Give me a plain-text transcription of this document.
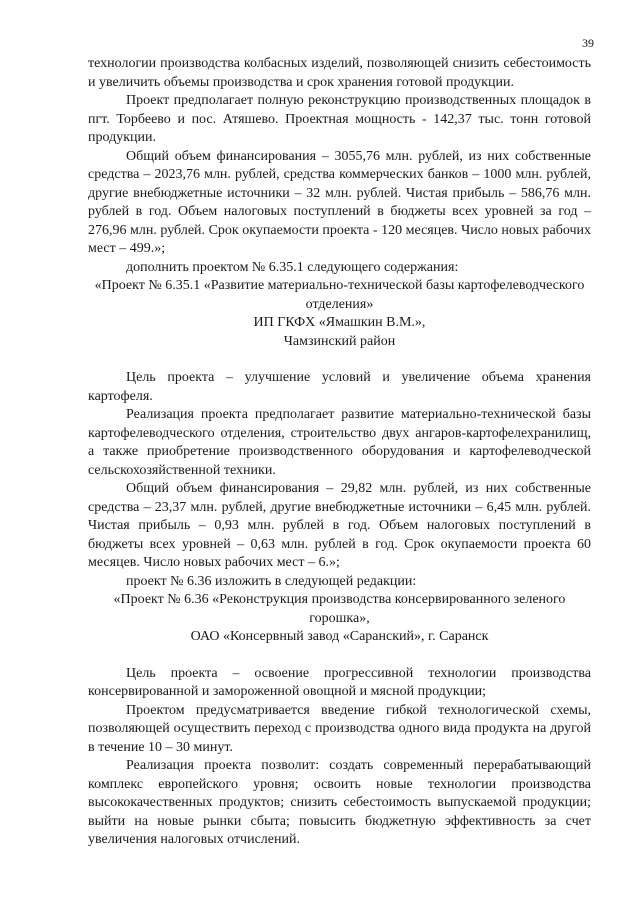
39

технологии производства колбасных изделий, позволяющей снизить себестоимость и увеличить объемы производства и срок хранения готовой продукции.

Проект предполагает полную реконструкцию производственных площадок в пгт. Торбеево и пос. Атяшево. Проектная мощность - 142,37 тыс. тонн готовой продукции.

Общий объем финансирования – 3055,76 млн. рублей, из них собственные средства – 2023,76 млн. рублей, средства коммерческих банков – 1000 млн. рублей, другие внебюджетные источники – 32 млн. рублей. Чистая прибыль – 586,76 млн. рублей в год. Объем налоговых поступлений в бюджеты всех уровней за год – 276,96 млн. рублей. Срок окупаемости проекта - 120 месяцев. Число новых рабочих мест – 499.»;

дополнить проектом № 6.35.1 следующего содержания:

«Проект № 6.35.1 «Развитие материально-технической базы картофелеводческого отделения»

ИП ГКФХ «Ямашкин В.М.»,

Чамзинский район

Цель проекта – улучшение условий и увеличение объема хранения картофеля.

Реализация проекта предполагает развитие материально-технической базы картофелеводческого отделения, строительство двух ангаров-картофелехранилищ, а также приобретение производственного оборудования и картофелеводческой сельскохозяйственной техники.

Общий объем финансирования – 29,82 млн. рублей, из них собственные средства – 23,37 млн. рублей, другие внебюджетные источники – 6,45 млн. рублей. Чистая прибыль – 0,93 млн. рублей в год. Объем налоговых поступлений в бюджеты всех уровней – 0,63 млн. рублей в год. Срок окупаемости проекта 60 месяцев. Число новых рабочих мест – 6.»;

проект № 6.36 изложить в следующей редакции:

«Проект № 6.36 «Реконструкция производства консервированного зеленого горошка»,

ОАО «Консервный завод «Саранский», г. Саранск

Цель проекта – освоение прогрессивной технологии производства консервированной и замороженной овощной и мясной продукции;

Проектом предусматривается введение гибкой технологической схемы, позволяющей осуществить переход с производства одного вида продукта на другой в течение 10 – 30 минут.

Реализация проекта позволит: создать современный перерабатывающий комплекс европейского уровня; освоить новые технологии производства высококачественных продуктов; снизить себестоимость выпускаемой продукции; выйти на новые рынки сбыта; повысить бюджетную эффективность за счет увеличения налоговых отчислений.
